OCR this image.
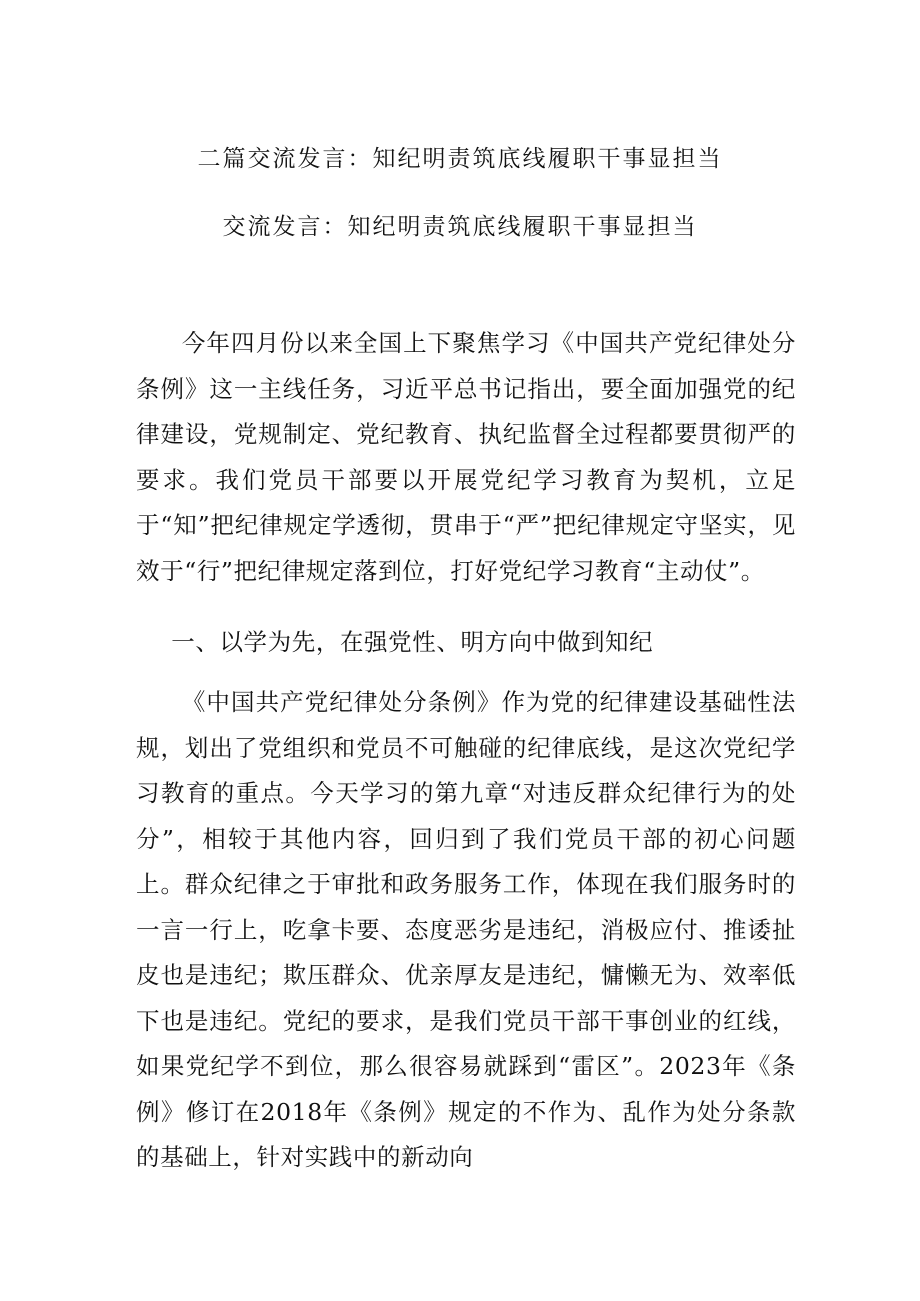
二篇交流发言：知纪明责筑底线履职干事显担当
交流发言：知纪明责筑底线履职干事显担当

今年四月份以来全国上下聚焦学习《中国共产党纪律处分条例》这一主线任务，习近平总书记指出，要全面加强党的纪律建设，党规制定、党纪教育、执纪监督全过程都要贯彻严的要求。我们党员干部要以开展党纪学习教育为契机，立足于“知”把纪律规定学透彻，贯串于“严”把纪律规定守坚实，见效于“行”把纪律规定落到位，打好党纪学习教育“主动仗”。

一、以学为先，在强党性、明方向中做到知纪

《中国共产党纪律处分条例》作为党的纪律建设基础性法规，划出了党组织和党员不可触碰的纪律底线，是这次党纪学习教育的重点。今天学习的第九章“对违反群众纪律行为的处分”，相较于其他内容，回归到了我们党员干部的初心问题上。群众纪律之于审批和政务服务工作，体现在我们服务时的一言一行上，吃拿卡要、态度恶劣是违纪，消极应付、推诿扯皮也是违纪；欺压群众、优亲厚友是违纪，慵懒无为、效率低下也是违纪。党纪的要求，是我们党员干部干事创业的红线，如果党纪学不到位，那么很容易就踩到“雷区”。2023年《条例》修订在2018年《条例》规定的不作为、乱作为处分条款的基础上，针对实践中的新动向
